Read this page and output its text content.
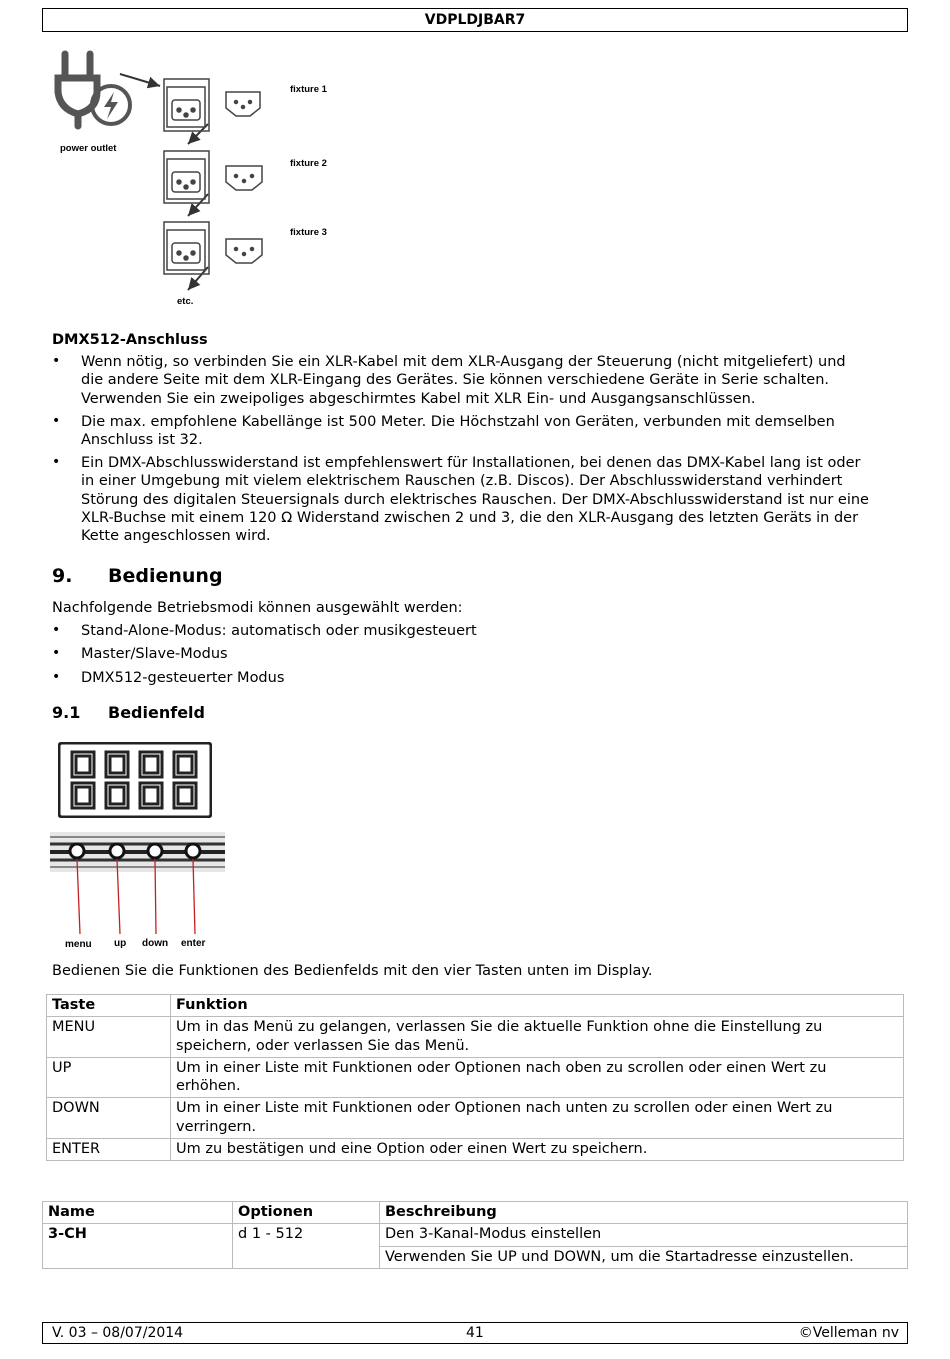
VDPLDJBAR7
power outlet
fixture 1
fixture 2
fixture 3
etc.
DMX512-Anschluss
• Wenn nötig, so verbinden Sie ein XLR-Kabel mit dem XLR-Ausgang der Steuerung (nicht mitgeliefert) und
die andere Seite mit dem XLR-Eingang des Gerätes. Sie können verschiedene Geräte in Serie schalten.
Verwenden Sie ein zweipoliges abgeschirmtes Kabel mit XLR Ein- und Ausgangsanschlüssen.
• Die max. empfohlene Kabellänge ist 500 Meter. Die Höchstzahl von Geräten, verbunden mit demselben
Anschluss ist 32.
• Ein DMX-Abschlusswiderstand ist empfehlenswert für Installationen, bei denen das DMX-Kabel lang ist oder
in einer Umgebung mit vielem elektrischem Rauschen (z.B. Discos). Der Abschlusswiderstand verhindert
Störung des digitalen Steuersignals durch elektrisches Rauschen. Der DMX-Abschlusswiderstand ist nur eine
XLR-Buchse mit einem 120 Ω Widerstand zwischen 2 und 3, die den XLR-Ausgang des letzten Geräts in der
Kette angeschlossen wird.
9. Bedienung
Nachfolgende Betriebsmodi können ausgewählt werden:
• Stand-Alone-Modus: automatisch oder musikgesteuert
• Master/Slave-Modus
• DMX512-gesteuerter Modus
9.1 Bedienfeld
menu up down enter
Bedienen Sie die Funktionen des Bedienfelds mit den vier Tasten unten im Display.
Taste	Funktion
MENU	Um in das Menü zu gelangen, verlassen Sie die aktuelle Funktion ohne die Einstellung zu
speichern, oder verlassen Sie das Menü.

UP	Um in einer Liste mit Funktionen oder Optionen nach oben zu scrollen oder einen Wert zu
erhöhen.

DOWN	Um in einer Liste mit Funktionen oder Optionen nach unten zu scrollen oder einen Wert zu
verringern.

ENTER	Um zu bestätigen und eine Option oder einen Wert zu speichern.
Name	Optionen	Beschreibung
3-CH	d 1 - 512	Den 3-Kanal-Modus einstellen
Verwenden Sie UP und DOWN, um die Startadresse einzustellen.
V. 03 – 08/07/2014	41	©Velleman nv
